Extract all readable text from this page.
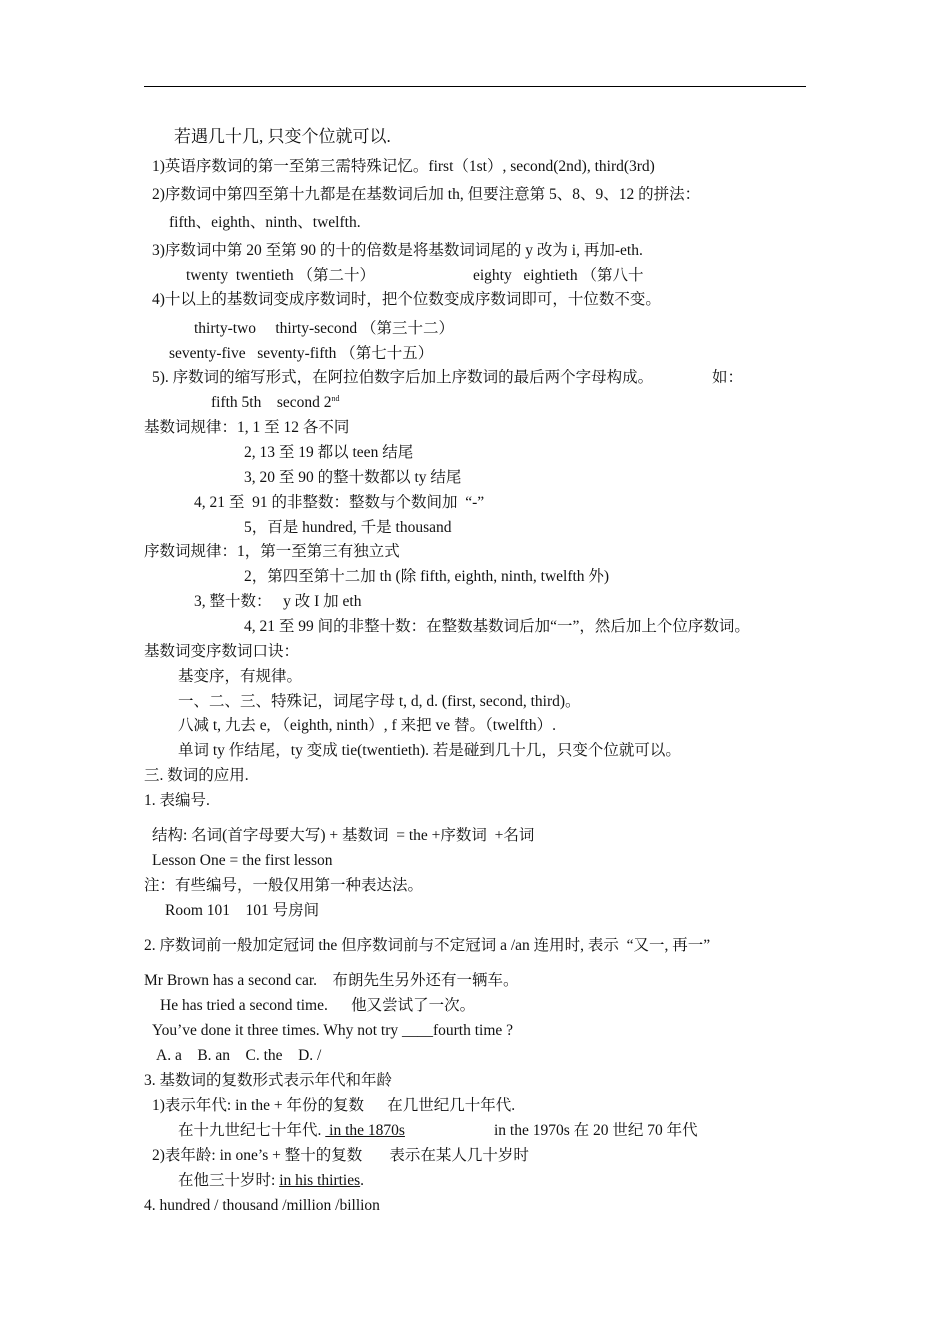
若遇几十几, 只变个位就可以.
1)英语序数词的第一至第三需特殊记忆。first（1st）, second(2nd), third(3rd)
2)序数词中第四至第十九都是在基数词后加 th, 但要注意第 5、8、9、12 的拼法：
fifth、eighth、ninth、twelfth.
3)序数词中第 20 至第 90 的十的倍数是将基数词词尾的 y 改为 i, 再加-eth.
twenty  twentieth （第二十）	eighty   eightieth （第八十
4)十以上的基数词变成序数词时，把个位数变成序数词即可，十位数不变。
thirty-two     thirty-second （第三十二）
seventy-five   seventy-fifth （第七十五）
5). 序数词的缩写形式，在阿拉伯数字后加上序数词的最后两个字母构成。	如：
fifth 5th    second 2nd
基数词规律：1, 1 至 12 各不同
2, 13 至 19 都以 teen 结尾
3, 20 至 90 的整十数都以 ty 结尾
4, 21 至  91 的非整数：整数与个数间加  “-”
5，百是 hundred, 千是 thousand
序数词规律：1，第一至第三有独立式
2，第四至第十二加 th (除 fifth, eighth, ninth, twelfth 外)
3, 整十数：   y 改 I 加 eth
4, 21 至 99 间的非整十数：在整数基数词后加“一”，然后加上个位序数词。
基数词变序数词口诀：
基变序，有规律。
一、二、三、特殊记，词尾字母 t, d, d. (first, second, third)。
八减 t, 九去 e, （eighth, ninth）, f 来把 ve 替。（twelfth）.
单词 ty 作结尾，ty 变成 tie(twentieth). 若是碰到几十几，只变个位就可以。
三. 数词的应用.
1. 表编号.
结构: 名词(首字母要大写) + 基数词  = the +序数词  +名词
Lesson One = the first lesson
注：有些编号，一般仅用第一种表达法。
Room 101    101 号房间
2. 序数词前一般加定冠词 the 但序数词前与不定冠词 a /an 连用时, 表示  “又一, 再一”
Mr Brown has a second car.    布朗先生另外还有一辆车。
He has tried a second time.      他又尝试了一次。
You’ve done it three times. Why not try ____fourth time ?
A. a    B. an    C. the    D. /
3. 基数词的复数形式表示年代和年龄
1)表示年代: in the + 年份的复数      在几世纪几十年代.
在十九世纪七十年代.  in the 1870s	in the 1970s 在 20 世纪 70 年代
2)表年龄: in one’s + 整十的复数       表示在某人几十岁时
在他三十岁时: in his thirties.
4. hundred / thousand /million /billion
